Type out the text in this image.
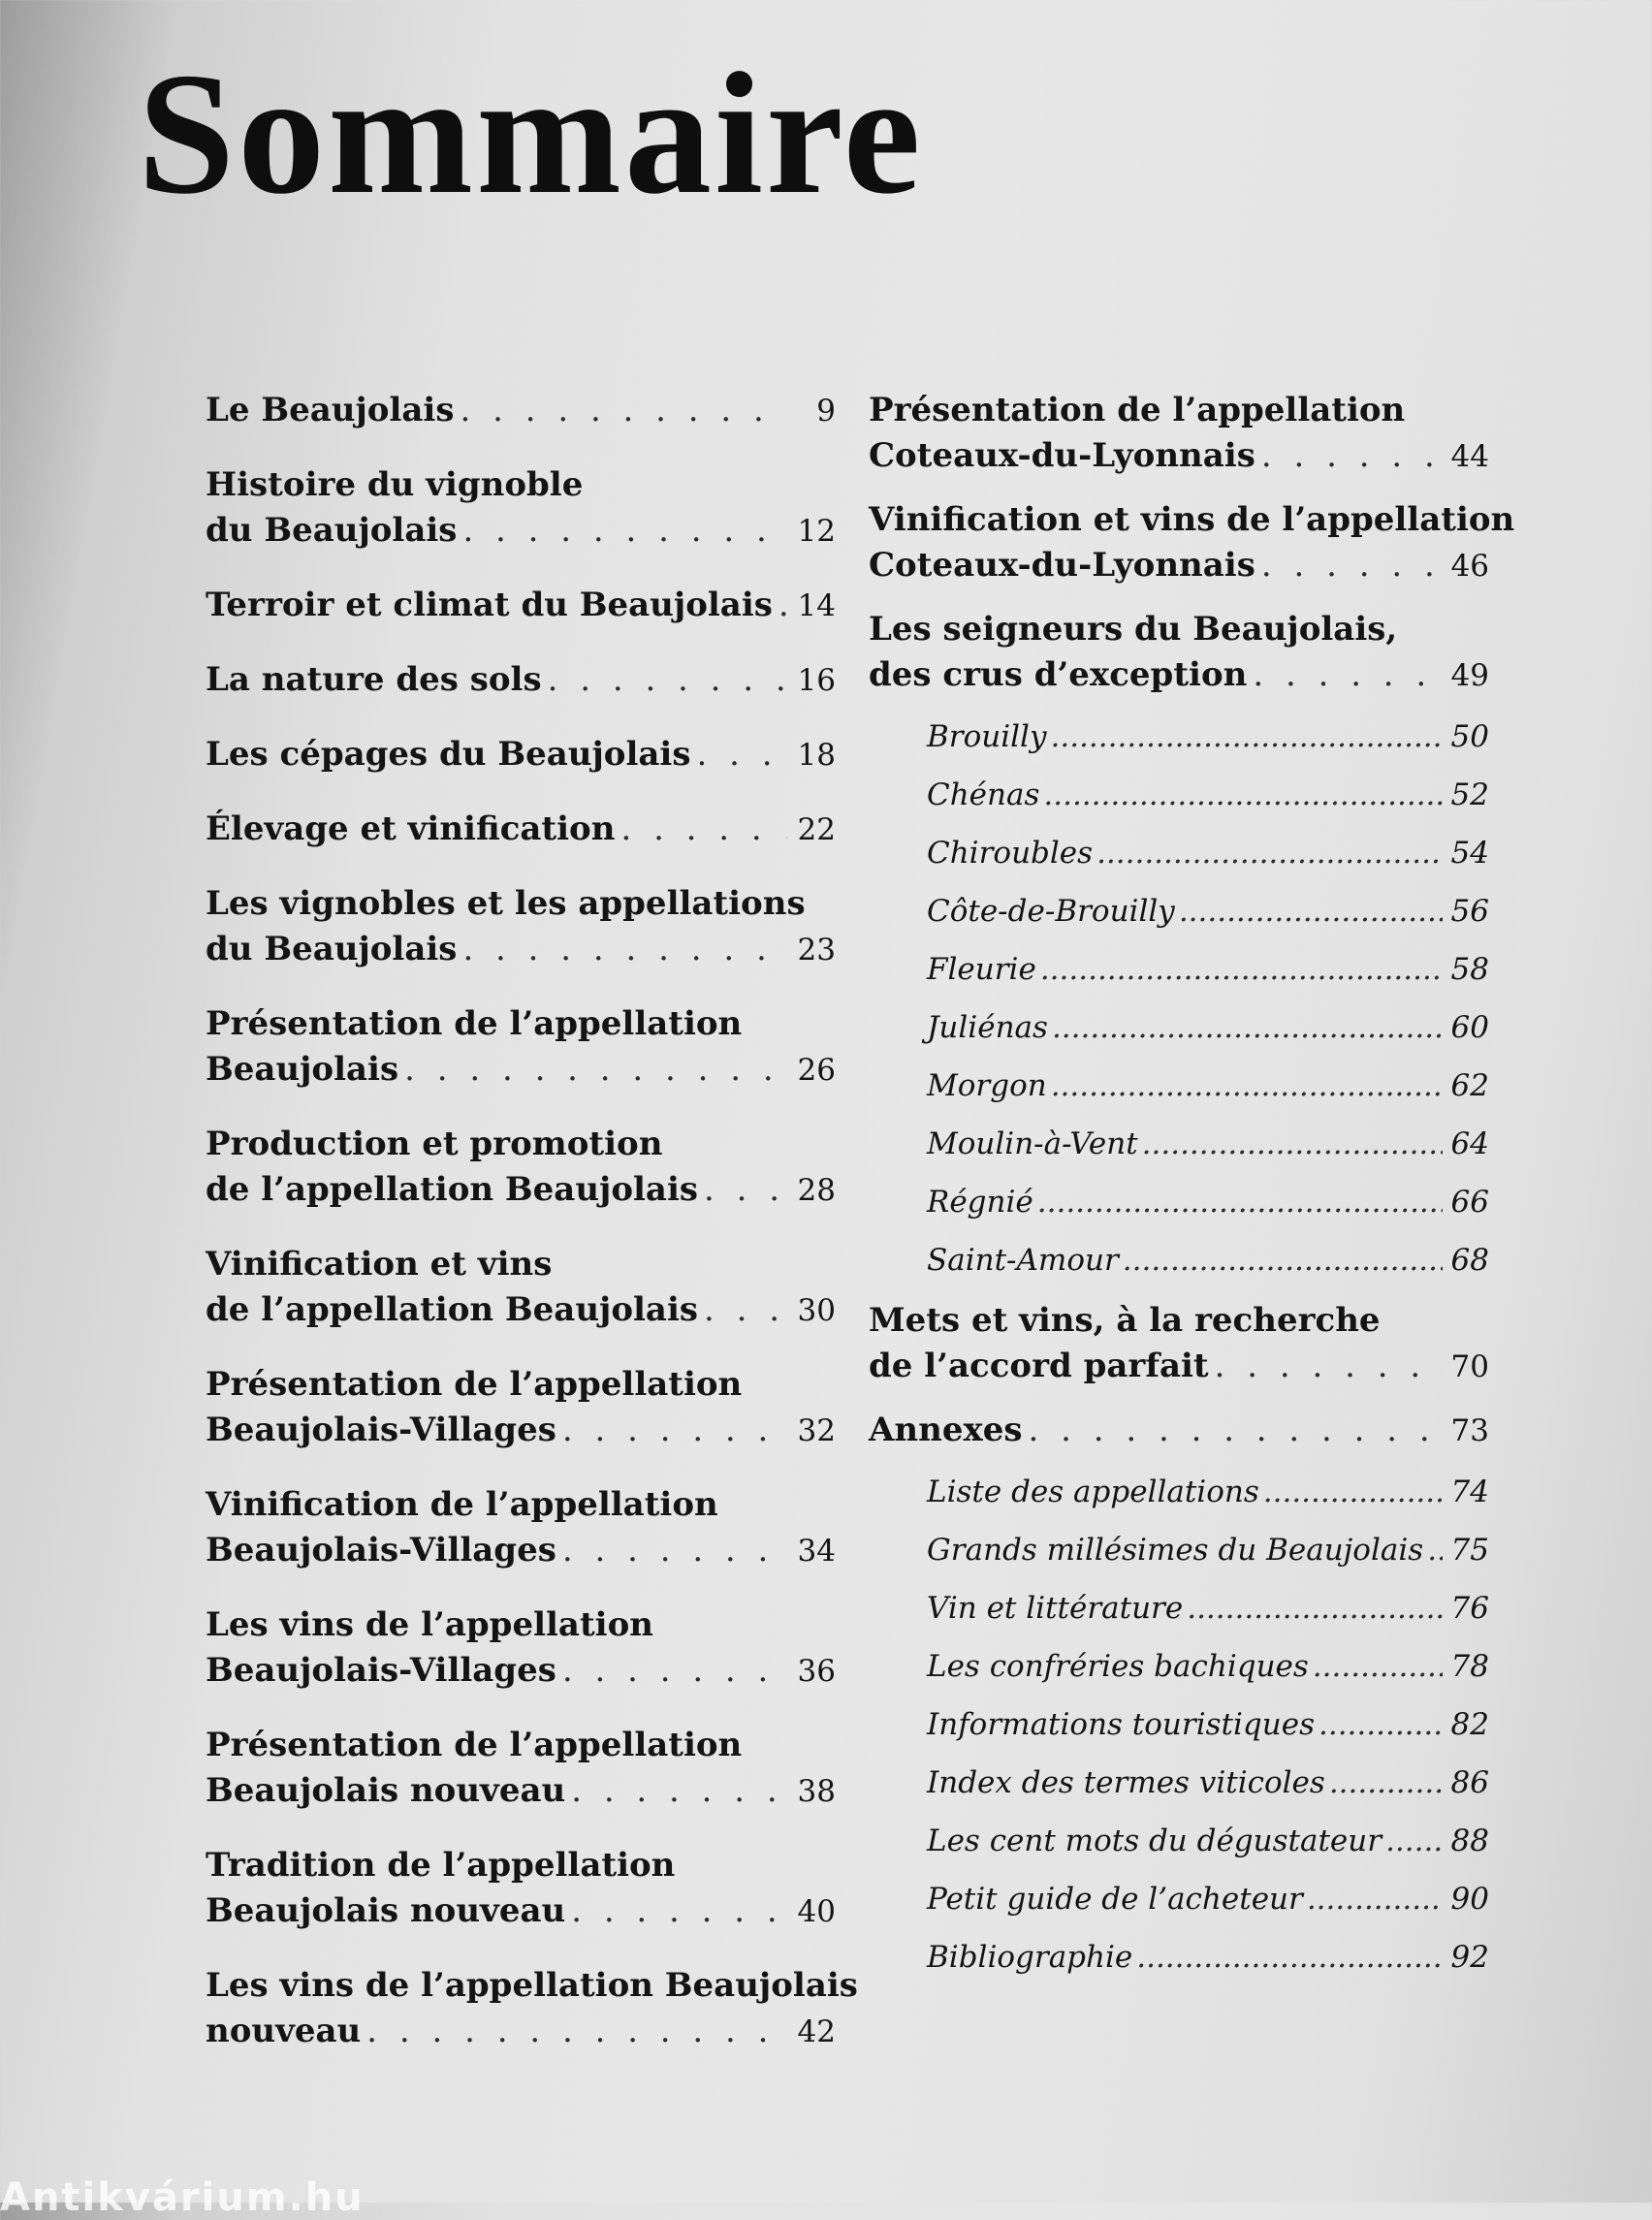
Sommaire
Le Beaujolais . . .	9
Histoire du vignoble
du Beaujolais . . .	12
Terroir et climat du Beaujolais . . . 14
La nature des sols . . .	16
Les cépages du Beaujolais . . .	18
Élevage et vinification . . .	22
Les vignobles et les appellations
du Beaujolais . . .	23
Présentation de l’appellation
Beaujolais . . .	26
Production et promotion
de l’appellation Beaujolais . . .	28
Vinification et vins
de l’appellation Beaujolais . . .	30
Présentation de l’appellation
Beaujolais-Villages . . .	32
Vinification de l’appellation
Beaujolais-Villages . . .	34
Les vins de l’appellation
Beaujolais-Villages . . .	36
Présentation de l’appellation
Beaujolais nouveau . . .	38
Tradition de l’appellation
Beaujolais nouveau . . .	40
Les vins de l’appellation Beaujolais
nouveau . . .	42
Présentation de l’appellation
Coteaux-du-Lyonnais . . .	44
Vinification et vins de l’appellation
Coteaux-du-Lyonnais . . .	46
Les seigneurs du Beaujolais,
des crus d’exception . . .	49
Brouilly .....	50
Chénas .....	52
Chiroubles .....	54
Côte-de-Brouilly .....	56
Fleurie .....	58
Juliénas .....	60
Morgon .....	62
Moulin-à-Vent .....	64
Régnié .....	66
Saint-Amour .....	68
Mets et vins, à la recherche
de l’accord parfait . . .	70
Annexes . . .	73
Liste des appellations .....	74
Grands millésimes du Beaujolais ..... 75
Vin et littérature .....	76
Les confréries bachiques .....	78
Informations touristiques .....	82
Index des termes viticoles .....	86
Les cent mots du dégustateur ..... 88
Petit guide de l’acheteur .....	90
Bibliographie .....	92
Antikvárium.hu
